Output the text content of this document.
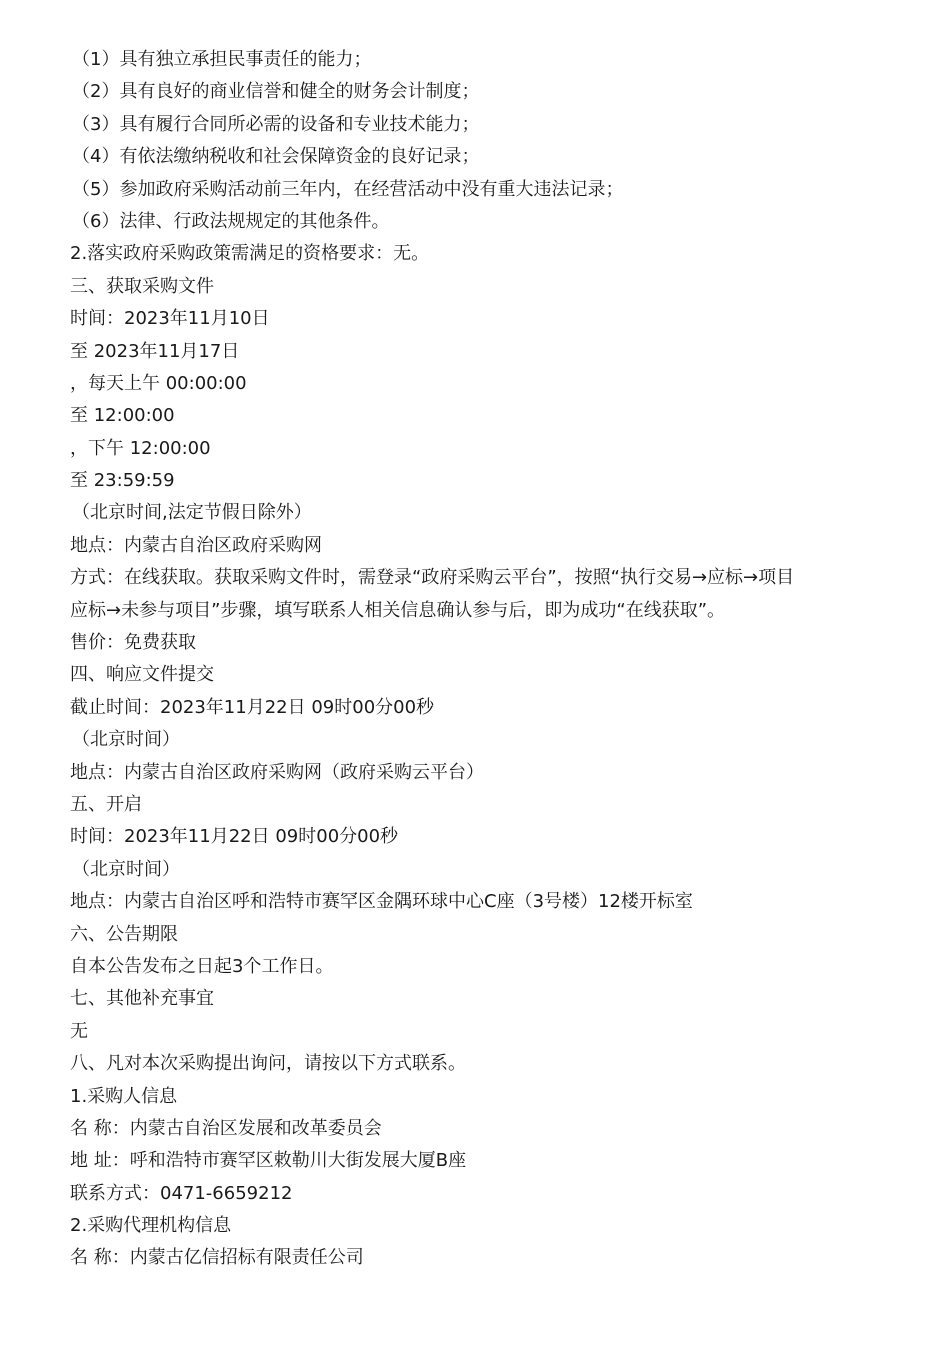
（1）具有独立承担民事责任的能力；
（2）具有良好的商业信誉和健全的财务会计制度；
（3）具有履行合同所必需的设备和专业技术能力；
（4）有依法缴纳税收和社会保障资金的良好记录；
（5）参加政府采购活动前三年内，在经营活动中没有重大违法记录；
（6）法律、行政法规规定的其他条件。
2.落实政府采购政策需满足的资格要求：无。
三、获取采购文件
时间：2023年11月10日
至 2023年11月17日
，每天上午 00:00:00
至 12:00:00
，下午 12:00:00
至 23:59:59
（北京时间,法定节假日除外）
地点：内蒙古自治区政府采购网
方式：在线获取。获取采购文件时，需登录“政府采购云平台”，按照“执行交易→应标→项目
应标→未参与项目”步骤，填写联系人相关信息确认参与后，即为成功“在线获取”。
售价：免费获取
四、响应文件提交
截止时间：2023年11月22日 09时00分00秒
（北京时间）
地点：内蒙古自治区政府采购网（政府采购云平台）
五、开启
时间：2023年11月22日 09时00分00秒
（北京时间）
地点：内蒙古自治区呼和浩特市赛罕区金隅环球中心C座（3号楼）12楼开标室
六、公告期限
自本公告发布之日起3个工作日。
七、其他补充事宜
无
八、凡对本次采购提出询问，请按以下方式联系。
1.采购人信息
名 称：内蒙古自治区发展和改革委员会
地 址：呼和浩特市赛罕区敕勒川大街发展大厦B座
联系方式：0471-6659212
2.采购代理机构信息
名 称：内蒙古亿信招标有限责任公司
